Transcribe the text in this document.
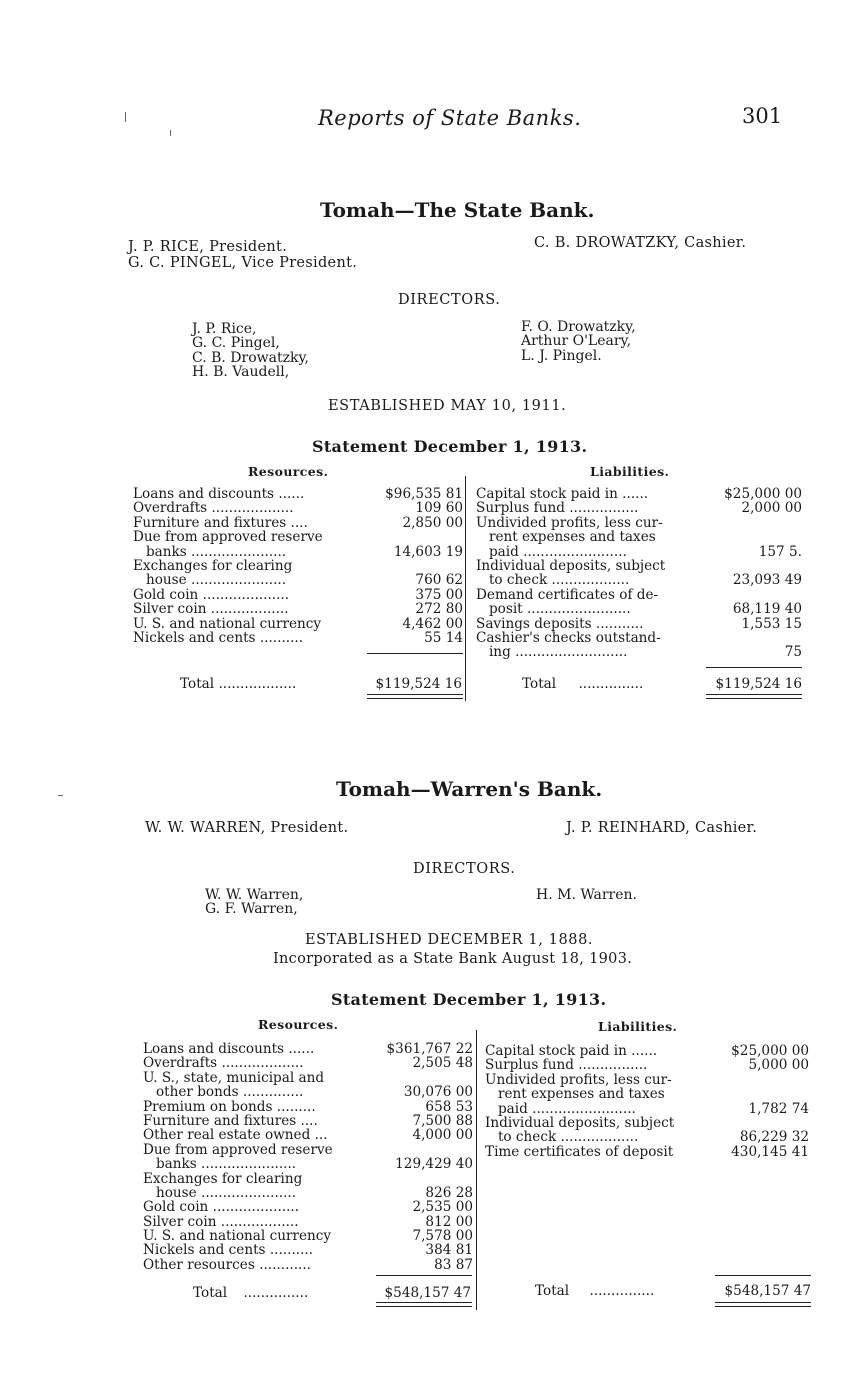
Reports of State Banks.	301
Tomah—The State Bank.
J. P. RICE, President.
G. C. PINGEL, Vice President.
C. B. DROWATZKY, Cashier.
DIRECTORS.
J. P. Rice,
G. C. Pingel,
C. B. Drowatzky,
H. B. Vaudell,
F. O. Drowatzky,
Arthur O'Leary,
L. J. Pingel.
ESTABLISHED MAY 10, 1911.
Statement December 1, 1913.
Resources.	Liabilities.
Loans and discounts ......	$96,535 81
Overdrafts ...................	109 60
Furniture and fixtures ....	2,850 00
Due from approved reserve
banks ......................	14,603 19
Exchanges for clearing
house ......................	760 62
Gold coin ....................	375 00
Silver coin ..................	272 80
U. S. and national currency	4,462 00
Nickels and cents ..........	55 14
Capital stock paid in ......	$25,000 00
Surplus fund ................	2,000 00
Undivided profits, less cur-
rent expenses and taxes
paid ........................	157 5.
Individual deposits, subject
to check ..................	23,093 49
Demand certificates of de-
posit ........................	68,119 40
Savings deposits ...........	1,553 15
Cashier's checks outstand-
ing ..........................	75
Total ..................	$119,524 16	Total ...............	$119,524 16
Tomah—Warren's Bank.
W. W. WARREN, President.	J. P. REINHARD, Cashier.
DIRECTORS.
W. W. Warren,
G. F. Warren,
H. M. Warren.
ESTABLISHED DECEMBER 1, 1888.
Incorporated as a State Bank August 18, 1903.
Statement December 1, 1913.
Resources.	Liabilities.
Loans and discounts ......	$361,767 22
Overdrafts ...................	2,505 48
U. S., state, municipal and
other bonds ..............	30,076 00
Premium on bonds .........	658 53
Furniture and fixtures ....	7,500 88
Other real estate owned ...	4,000 00
Due from approved reserve
banks ......................	129,429 40
Exchanges for clearing
house ......................	826 28
Gold coin ....................	2,535 00
Silver coin ..................	812 00
U. S. and national currency	7,578 00
Nickels and cents ..........	384 81
Other resources ............	83 87
Capital stock paid in ......	$25,000 00
Surplus fund ................	5,000 00
Undivided profits, less cur-
rent expenses and taxes
paid ........................	1,782 74
Individual deposits, subject
to check ..................	86,229 32
Time certificates of deposit	430,145 41
Total ...............	$548,157 47	Total ...............	$548,157 47
